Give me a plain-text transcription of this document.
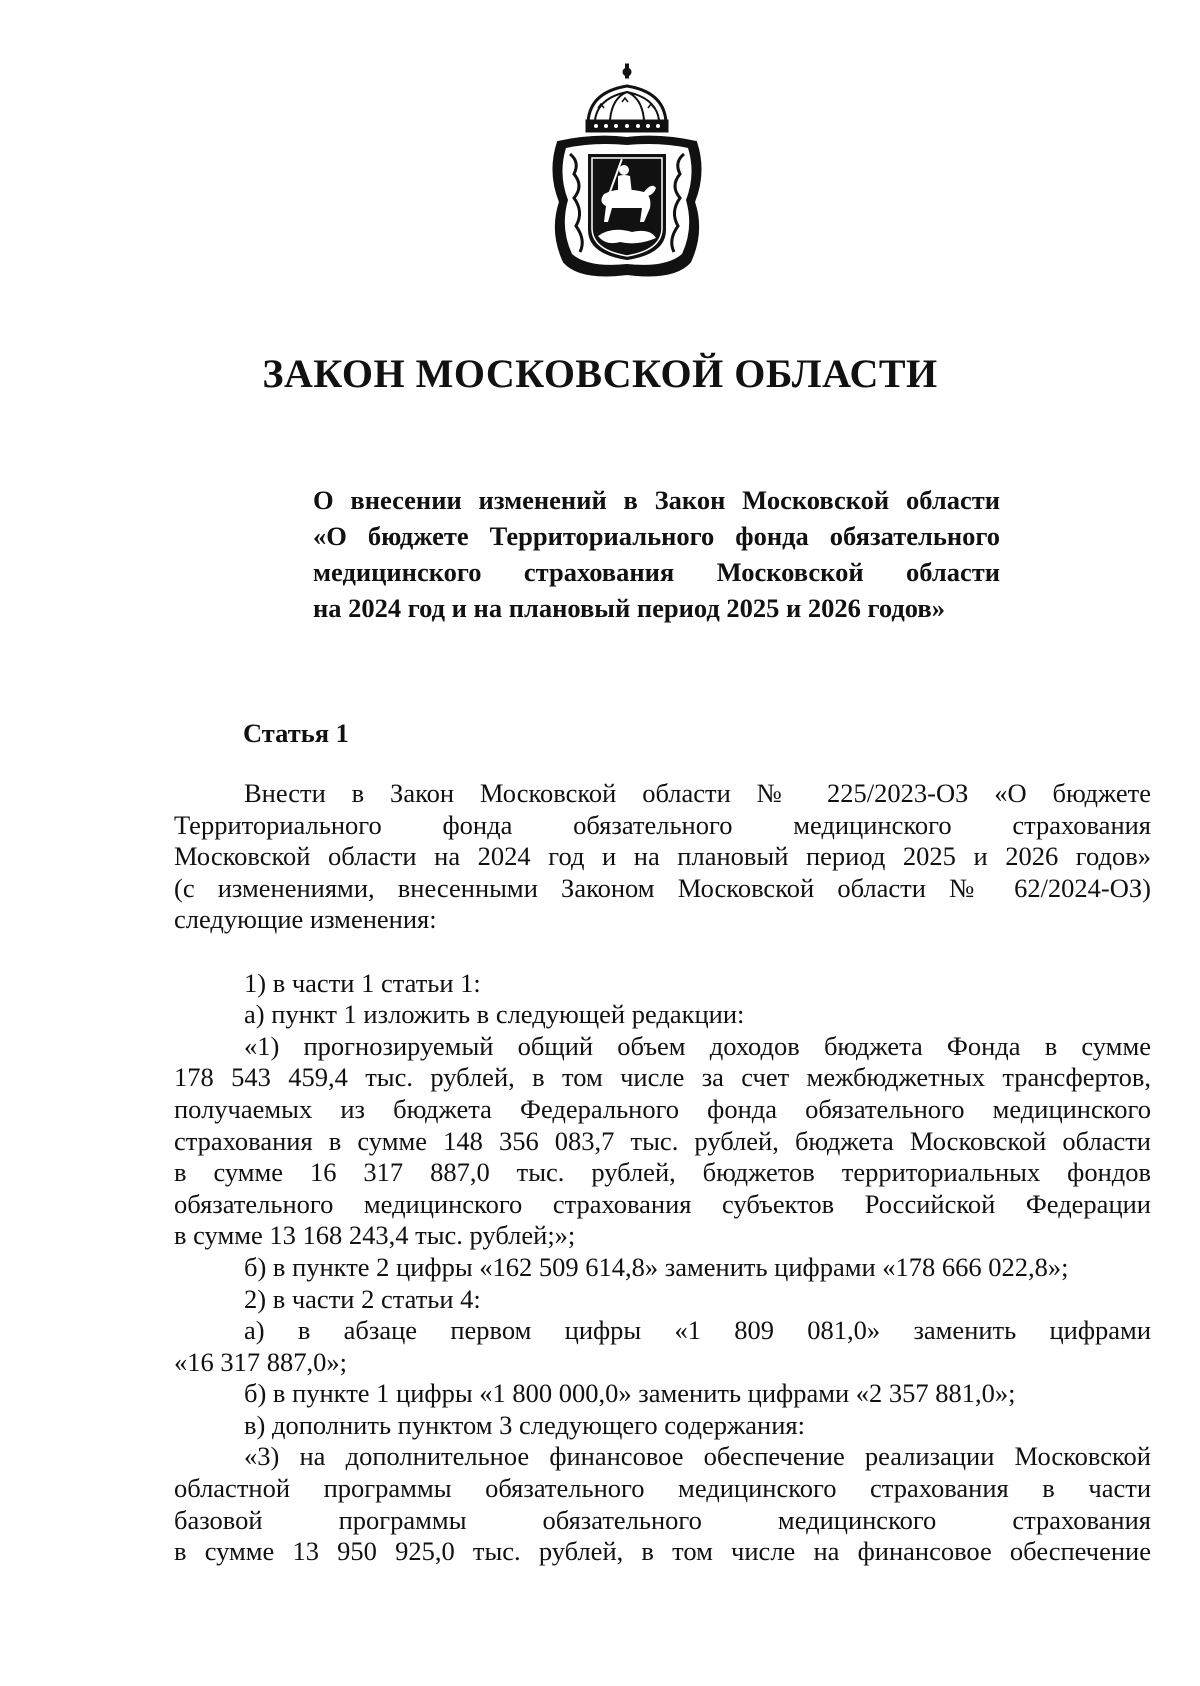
ЗАКОН МОСКОВСКОЙ ОБЛАСТИ
О внесении изменений в Закон Московской области
«О бюджете Территориального фонда обязательного
медицинского страхования Московской области
на 2024 год и на плановый период 2025 и 2026 годов»
Статья 1
Внести в Закон Московской области № 225/2023-ОЗ «О бюджете
Территориального фонда обязательного медицинского страхования
Московской области на 2024 год и на плановый период 2025 и 2026 годов»
(с изменениями, внесенными Законом Московской области № 62/2024-ОЗ)
следующие изменения:
1) в части 1 статьи 1:
а) пункт 1 изложить в следующей редакции:
«1) прогнозируемый общий объем доходов бюджета Фонда в сумме
178 543 459,4 тыс. рублей, в том числе за счет межбюджетных трансфертов,
получаемых из бюджета Федерального фонда обязательного медицинского
страхования в сумме 148 356 083,7 тыс. рублей, бюджета Московской области
в сумме 16 317 887,0 тыс. рублей, бюджетов территориальных фондов
обязательного медицинского страхования субъектов Российской Федерации
в сумме 13 168 243,4 тыс. рублей;»;
б) в пункте 2 цифры «162 509 614,8» заменить цифрами «178 666 022,8»;
2) в части 2 статьи 4:
а) в абзаце первом цифры «1 809 081,0» заменить цифрами
«16 317 887,0»;
б) в пункте 1 цифры «1 800 000,0» заменить цифрами «2 357 881,0»;
в) дополнить пунктом 3 следующего содержания:
«3) на дополнительное финансовое обеспечение реализации Московской
областной программы обязательного медицинского страхования в части
базовой программы обязательного медицинского страхования
в сумме 13 950 925,0 тыс. рублей, в том числе на финансовое обеспечение
